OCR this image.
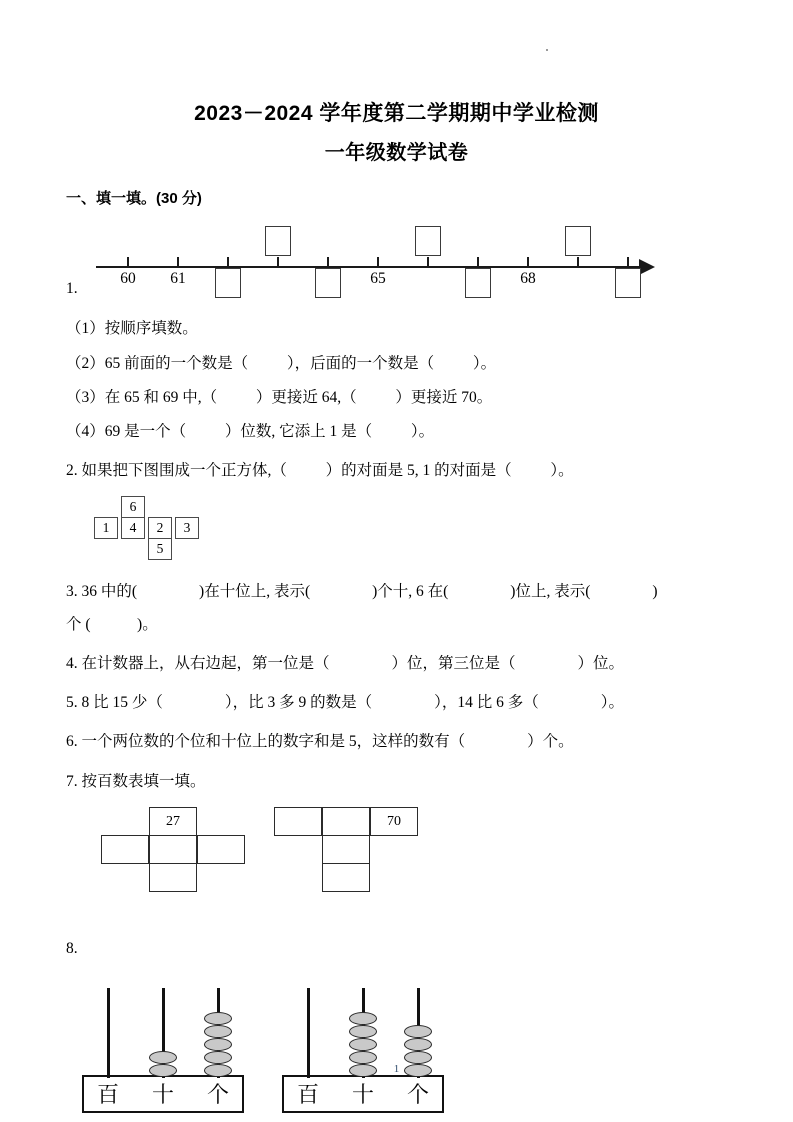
2023－2024 学年度第二学期期中学业检测
一年级数学试卷
一、填一填。(30 分)
1.
60 61	65	68
（1）按顺序填数。
（2）65 前面的一个数是（          ），后面的一个数是（          ）。
（3）在 65 和 69 中,（          ）更接近 64,（          ）更接近 70。
（4）69 是一个（          ）位数, 它添上 1 是（          ）。
2. 如果把下图围成一个正方体,（          ）的对面是 5, 1 的对面是（          ）。
6
1	4	2	3
5
3. 36 中的(                )在十位上, 表示(                )个十, 6 在(                )位上, 表示(                )
个 (            )。
4. 在计数器上，从右边起，第一位是（                ）位，第三位是（                ）位。
5. 8 比 15 少（                ），比 3 多 9 的数是（                ），14 比 6 多（                ）。
6. 一个两位数的个位和十位上的数字和是 5，这样的数有（                ）个。
7. 按百数表填一填。
27	70
8.
百	十	个	百	十	个
1
